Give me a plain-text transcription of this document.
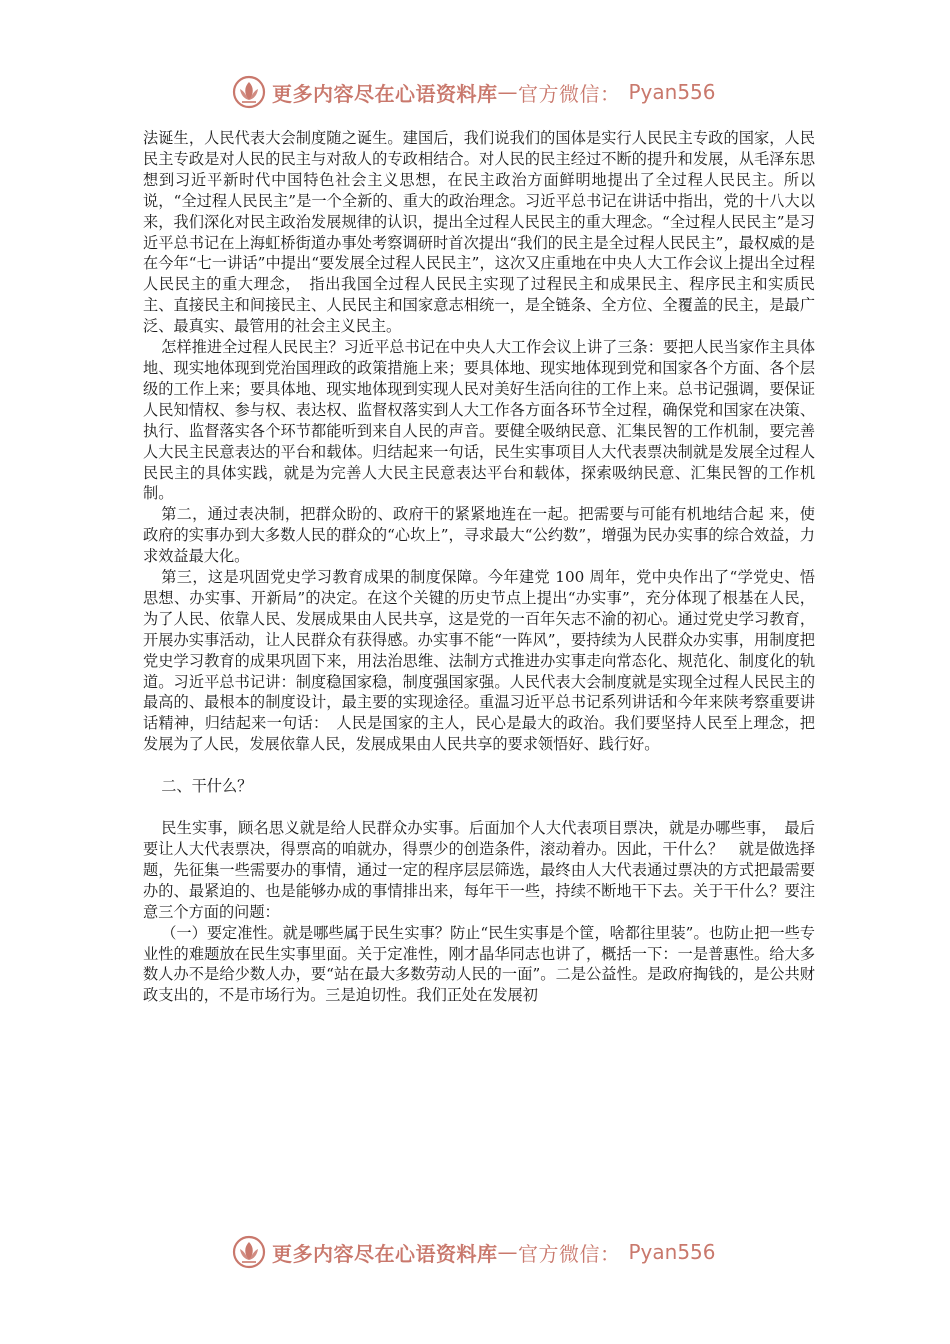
更多内容尽在心语资料库 — 官方微信： Pyan556

法诞生，人民代表大会制度随之诞生。建国后，我们说我们的国体是实行人民民主专政的国家，人民民主专政是对人民的民主与对敌人的专政相结合。对人民的民主经过不断的提升和发展，从毛泽东思想到习近平新时代中国特色社会主义思想，在民主政治方面鲜明地提出了全过程人民民主。所以说，“全过程人民民主”是一个全新的、重大的政治理念。习近平总书记在讲话中指出，党的十八大以来，我们深化对民主政治发展规律的认识，提出全过程人民民主的重大理念。“全过程人民民主”是习近平总书记在上海虹桥街道办事处考察调研时首次提出“我们的民主是全过程人民民主”，最权威的是在今年“七一讲话”中提出“要发展全过程人民民主”，这次又庄重地在中央人大工作会议上提出全过程人民民主的重大理念，　指出我国全过程人民民主实现了过程民主和成果民主、程序民主和实质民主、直接民主和间接民主、人民民主和国家意志相统一，是全链条、全方位、全覆盖的民主，是最广泛、最真实、最管用的社会主义民主。

怎样推进全过程人民民主？习近平总书记在中央人大工作会议上讲了三条：要把人民当家作主具体地、现实地体现到党治国理政的政策措施上来；要具体地、现实地体现到党和国家各个方面、各个层级的工作上来；要具体地、现实地体现到实现人民对美好生活向往的工作上来。总书记强调，要保证人民知情权、参与权、表达权、监督权落实到人大工作各方面各环节全过程，确保党和国家在决策、执行、监督落实各个环节都能听到来自人民的声音。要健全吸纳民意、汇集民智的工作机制，要完善人大民主民意表达的平台和载体。归结起来一句话，民生实事项目人大代表票决制就是发展全过程人民民主的具体实践，就是为完善人大民主民意表达平台和载体，探索吸纳民意、汇集民智的工作机制。

第二，通过表决制，把群众盼的、政府干的紧紧地连在一起。把需要与可能有机地结合起 来，使政府的实事办到大多数人民的群众的“心坎上”，寻求最大“公约数”，增强为民办实事的综合效益，力求效益最大化。

第三，这是巩固党史学习教育成果的制度保障。今年建党 100 周年，党中央作出了“学党史、悟思想、办实事、开新局”的决定。在这个关键的历史节点上提出“办实事”，充分体现了根基在人民，为了人民、依靠人民、发展成果由人民共享，这是党的一百年矢志不渝的初心。通过党史学习教育，开展办实事活动，让人民群众有获得感。办实事不能“一阵风”，要持续为人民群众办实事，用制度把党史学习教育的成果巩固下来，用法治思维、法制方式推进办实事走向常态化、规范化、制度化的轨道。习近平总书记讲：制度稳国家稳，制度强国家强。人民代表大会制度就是实现全过程人民民主的最高的、最根本的制度设计，最主要的实现途径。重温习近平总书记系列讲话和今年来陕考察重要讲话精神，归结起来一句话：　人民是国家的主人，民心是最大的政治。我们要坚持人民至上理念，把发展为了人民，发展依靠人民，发展成果由人民共享的要求领悟好、践行好。

二、干什么？

民生实事，顾名思义就是给人民群众办实事。后面加个人大代表项目票决，就是办哪些事，　最后要让人大代表票决，得票高的咱就办，得票少的创造条件，滚动着办。因此，干什么？　就是做选择题，先征集一些需要办的事情，通过一定的程序层层筛选，最终由人大代表通过票决的方式把最需要办的、最紧迫的、也是能够办成的事情排出来，每年干一些，持续不断地干下去。关于干什么？要注意三个方面的问题：

（一）要定准性。就是哪些属于民生实事？防止“民生实事是个筐，啥都往里装”。也防止把一些专业性的难题放在民生实事里面。关于定准性，刚才晶华同志也讲了，概括一下：一是普惠性。给大多数人办不是给少数人办，要“站在最大多数劳动人民的一面”。二是公益性。是政府掏钱的，是公共财政支出的，不是市场行为。三是迫切性。我们正处在发展初

更多内容尽在心语资料库 — 官方微信： Pyan556
